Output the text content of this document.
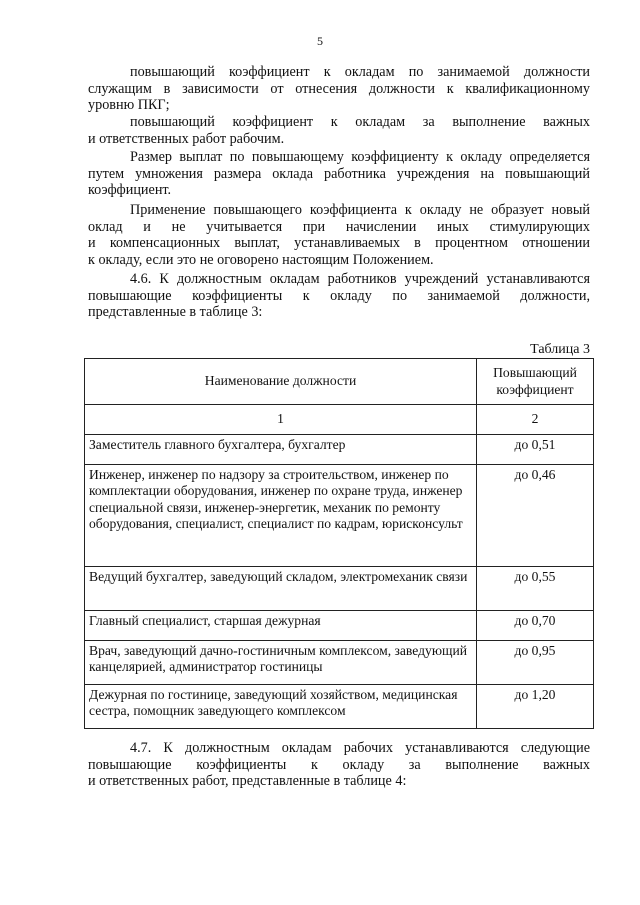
5
повышающий коэффициент к окладам по занимаемой должности
служащим в зависимости от отнесения должности к квалификационному
уровню ПКГ;
повышающий коэффициент к окладам за выполнение важных
и ответственных работ рабочим.
Размер выплат по повышающему коэффициенту к окладу определяется
путем умножения размера оклада работника учреждения на повышающий
коэффициент.
Применение повышающего коэффициента к окладу не образует новый
оклад и не учитывается при начислении иных стимулирующих
и компенсационных выплат, устанавливаемых в процентном отношении
к окладу, если это не оговорено настоящим Положением.
4.6. К должностным окладам работников учреждений устанавливаются
повышающие коэффициенты к окладу по занимаемой должности,
представленные в таблице 3:
Таблица 3
Наименование должности	Повышающий коэффициент
1	2
Заместитель главного бухгалтера, бухгалтер	до 0,51
Инженер, инженер по надзору за строительством, инженер по комплектации оборудования, инженер по охране труда, инженер специальной связи, инженер-энергетик, механик по ремонту оборудования, специалист, специалист по кадрам, юрисконсульт	до 0,46
Ведущий бухгалтер, заведующий складом, электромеханик связи	до 0,55
Главный специалист, старшая дежурная	до 0,70
Врач, заведующий дачно-гостиничным комплексом, заведующий канцелярией, администратор гостиницы	до 0,95
Дежурная по гостинице, заведующий хозяйством, медицинская сестра, помощник заведующего комплексом	до 1,20
4.7. К должностным окладам рабочих устанавливаются следующие
повышающие коэффициенты к окладу за выполнение важных
и ответственных работ, представленные в таблице 4:
